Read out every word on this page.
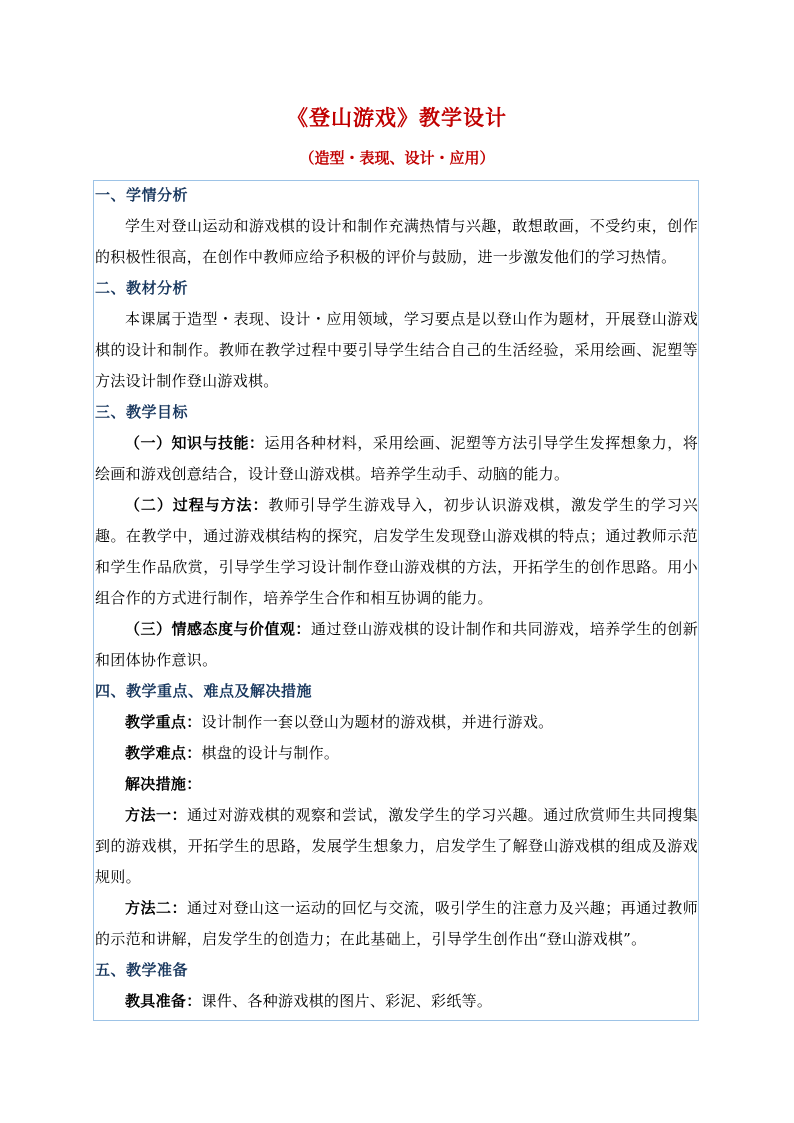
《登山游戏》教学设计
（造型・表现、设计・应用）
一、学情分析
学生对登山运动和游戏棋的设计和制作充满热情与兴趣，敢想敢画，不受约束，创作的积极性很高，在创作中教师应给予积极的评价与鼓励，进一步激发他们的学习热情。
二、教材分析
本课属于造型・表现、设计・应用领域，学习要点是以登山作为题材，开展登山游戏棋的设计和制作。教师在教学过程中要引导学生结合自己的生活经验，采用绘画、泥塑等方法设计制作登山游戏棋。
三、教学目标
（一）知识与技能：运用各种材料，采用绘画、泥塑等方法引导学生发挥想象力，将绘画和游戏创意结合，设计登山游戏棋。培养学生动手、动脑的能力。
（二）过程与方法：教师引导学生游戏导入，初步认识游戏棋，激发学生的学习兴趣。在教学中，通过游戏棋结构的探究，启发学生发现登山游戏棋的特点；通过教师示范和学生作品欣赏，引导学生学习设计制作登山游戏棋的方法，开拓学生的创作思路。用小组合作的方式进行制作，培养学生合作和相互协调的能力。
（三）情感态度与价值观：通过登山游戏棋的设计制作和共同游戏，培养学生的创新和团体协作意识。
四、教学重点、难点及解决措施
教学重点：设计制作一套以登山为题材的游戏棋，并进行游戏。
教学难点：棋盘的设计与制作。
解决措施：
方法一：通过对游戏棋的观察和尝试，激发学生的学习兴趣。通过欣赏师生共同搜集到的游戏棋，开拓学生的思路，发展学生想象力，启发学生了解登山游戏棋的组成及游戏规则。
方法二：通过对登山这一运动的回忆与交流，吸引学生的注意力及兴趣；再通过教师的示范和讲解，启发学生的创造力；在此基础上，引导学生创作出“登山游戏棋”。
五、教学准备
教具准备：课件、各种游戏棋的图片、彩泥、彩纸等。
